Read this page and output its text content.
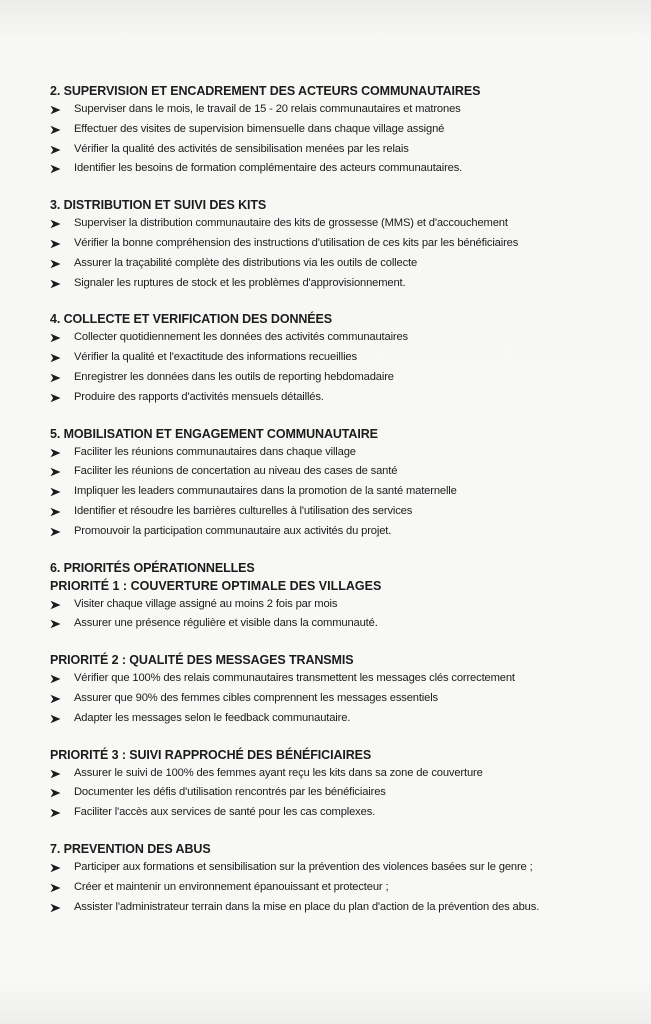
2. SUPERVISION ET ENCADREMENT DES ACTEURS COMMUNAUTAIRES
Superviser dans le mois, le travail de 15 - 20 relais communautaires et matrones
Effectuer des visites de supervision bimensuelle dans chaque village assigné
Vérifier la qualité des activités de sensibilisation menées par les relais
Identifier les besoins de formation complémentaire des acteurs communautaires.
3. DISTRIBUTION ET SUIVI DES KITS
Superviser la distribution communautaire des kits de grossesse (MMS) et d'accouchement
Vérifier la bonne compréhension des instructions d'utilisation de ces kits par les bénéficiaires
Assurer la traçabilité complète des distributions via les outils de collecte
Signaler les ruptures de stock et les problèmes d'approvisionnement.
4. COLLECTE ET VERIFICATION DES DONNÉES
Collecter quotidiennement les données des activités communautaires
Vérifier la qualité et l'exactitude des informations recueillies
Enregistrer les données dans les outils de reporting hebdomadaire
Produire des rapports d'activités mensuels détaillés.
5. MOBILISATION ET ENGAGEMENT COMMUNAUTAIRE
Faciliter les réunions communautaires dans chaque village
Faciliter les réunions de concertation au niveau des cases de santé
Impliquer les leaders communautaires dans la promotion de la santé maternelle
Identifier et résoudre les barrières culturelles à l'utilisation des services
Promouvoir la participation communautaire aux activités du projet.
6. PRIORITÉS OPÉRATIONNELLES
PRIORITÉ 1 : COUVERTURE OPTIMALE DES VILLAGES
Visiter chaque village assigné au moins 2 fois par mois
Assurer une présence régulière et visible dans la communauté.
PRIORITÉ 2 : QUALITÉ DES MESSAGES TRANSMIS
Vérifier que 100% des relais communautaires transmettent les messages clés correctement
Assurer que 90% des femmes cibles comprennent les messages essentiels
Adapter les messages selon le feedback communautaire.
PRIORITÉ 3 : SUIVI RAPPROCHÉ DES BÉNÉFICIAIRES
Assurer le suivi de 100% des femmes ayant reçu les kits dans sa zone de couverture
Documenter les défis d'utilisation rencontrés par les bénéficiaires
Faciliter l'accès aux services de santé pour les cas complexes.
7. PREVENTION DES ABUS
Participer aux formations et sensibilisation sur la prévention des violences basées sur le genre ;
Créer et maintenir un environnement épanouissant et protecteur ;
Assister l'administrateur terrain dans la mise en place du plan d'action de la prévention des abus.
